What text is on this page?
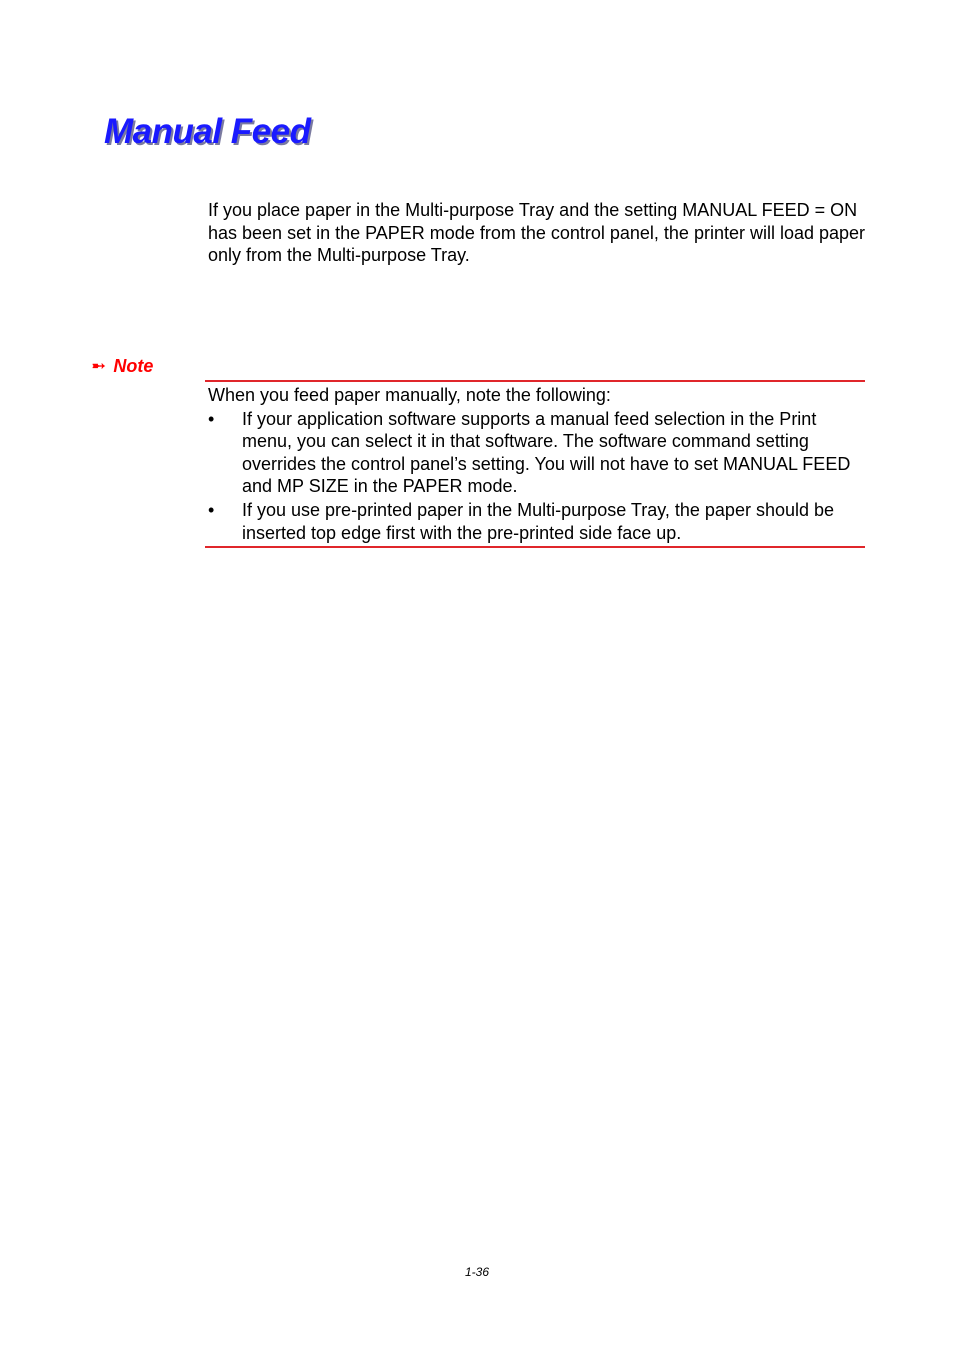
Manual Feed

If you place paper in the Multi-purpose Tray and the setting MANUAL FEED = ON has been set in the PAPER mode from the control panel, the printer will load paper only from the Multi-purpose Tray.

➸ Note

When you feed paper manually, note the following:

• If your application software supports a manual feed selection in the Print menu, you can select it in that software. The software command setting overrides the control panel’s setting. You will not have to set MANUAL FEED and MP SIZE in the PAPER mode.
• If you use pre-printed paper in the Multi-purpose Tray, the paper should be inserted top edge first with the pre-printed side face up.
1-36
